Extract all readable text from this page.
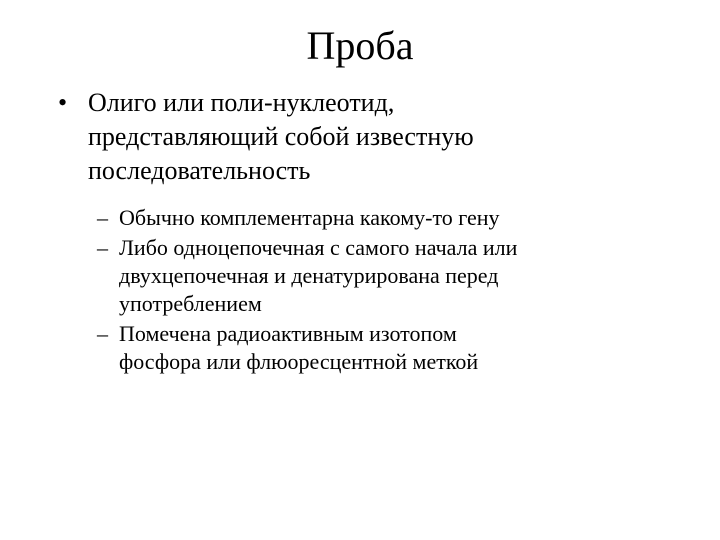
Проба
• Олиго или поли-нуклеотид,
представляющий собой известную
последовательность
– Обычно комплементарна какому-то гену
– Либо одноцепочечная с самого начала или
двухцепочечная и денатурирована перед
употреблением
– Помечена радиоактивным изотопом
фосфора или флюоресцентной меткой
